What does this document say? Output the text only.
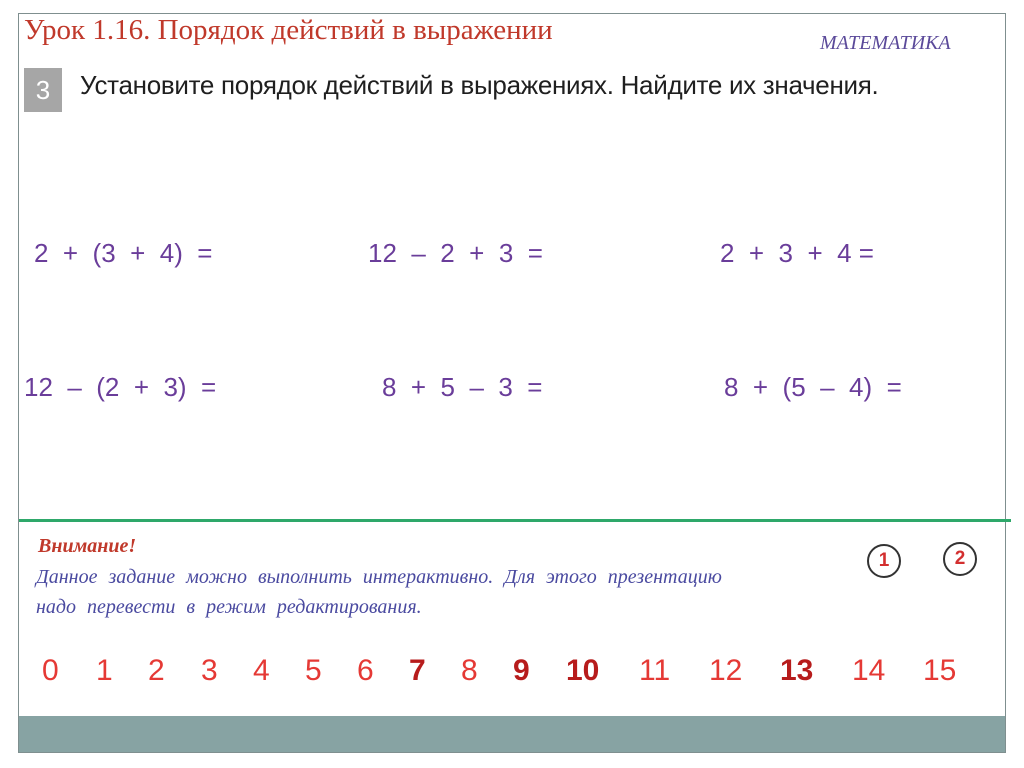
Урок 1.16. Порядок действий в выражении	МАТЕМАТИКА
3	Установите порядок действий в выражениях. Найдите их значения.
2  +  (3  +  4)  =	12  –  2  +  3  =	2  +  3  +  4 =
12  –  (2  +  3)  =	8  +  5  –  3  =	8  +  (5  –  4)  =
Внимание!
Данное задание можно выполнить интерактивно. Для этого презентацию надо перевести в режим редактирования.
1	2
0 1 2 3 4 5 6 7 8 9 10 11 12 13 14 15
